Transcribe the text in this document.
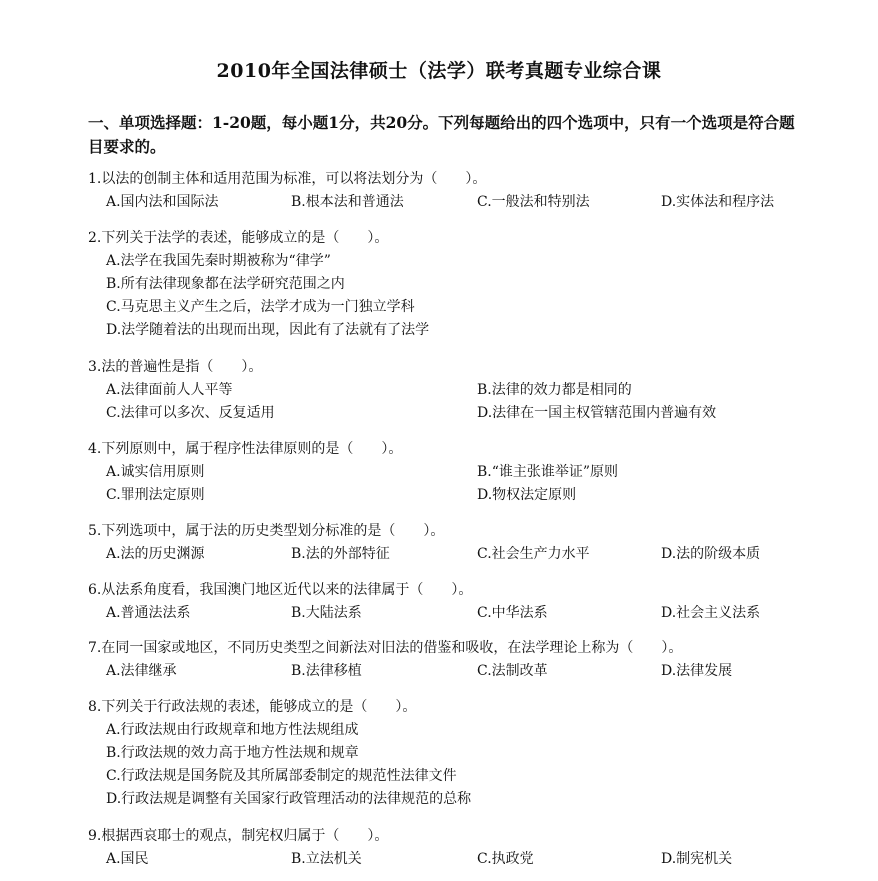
2010年全国法律硕士（法学）联考真题专业综合课
一、单项选择题：1-20题，每小题1分，共20分。下列每题给出的四个选项中，只有一个选项是符合题目要求的。
1.以法的创制主体和适用范围为标准，可以将法划分为（　　）。
A.国内法和国际法	B.根本法和普通法	C.一般法和特别法	D.实体法和程序法
2.下列关于法学的表述，能够成立的是（　　）。
A.法学在我国先秦时期被称为“律学”
B.所有法律现象都在法学研究范围之内
C.马克思主义产生之后，法学才成为一门独立学科
D.法学随着法的出现而出现，因此有了法就有了法学
3.法的普遍性是指（　　）。
A.法律面前人人平等	B.法律的效力都是相同的
C.法律可以多次、反复适用	D.法律在一国主权管辖范围内普遍有效
4.下列原则中，属于程序性法律原则的是（　　）。
A.诚实信用原则	B.“谁主张谁举证”原则
C.罪刑法定原则	D.物权法定原则
5.下列选项中，属于法的历史类型划分标准的是（　　）。
A.法的历史渊源	B.法的外部特征	C.社会生产力水平	D.法的阶级本质
6.从法系角度看，我国澳门地区近代以来的法律属于（　　）。
A.普通法法系	B.大陆法系	C.中华法系	D.社会主义法系
7.在同一国家或地区，不同历史类型之间新法对旧法的借鉴和吸收，在法学理论上称为（　　）。
A.法律继承	B.法律移植	C.法制改革	D.法律发展
8.下列关于行政法规的表述，能够成立的是（　　）。
A.行政法规由行政规章和地方性法规组成
B.行政法规的效力高于地方性法规和规章
C.行政法规是国务院及其所属部委制定的规范性法律文件
D.行政法规是调整有关国家行政管理活动的法律规范的总称
9.根据西哀耶士的观点，制宪权归属于（　　）。
A.国民	B.立法机关	C.执政党	D.制宪机关
